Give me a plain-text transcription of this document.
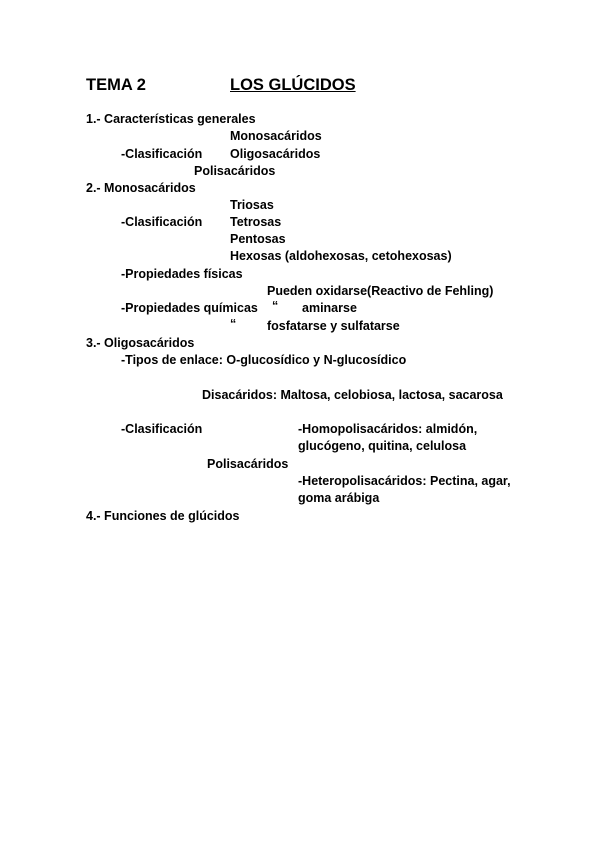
TEMA 2	LOS GLÚCIDOS
1.- Características generales
Monosacáridos
-Clasificación Oligosacáridos
Polisacáridos
2.- Monosacáridos
Triosas
-Clasificación Tetrosas
Pentosas
Hexosas (aldohexosas, cetohexosas)
-Propiedades físicas
Pueden oxidarse(Reactivo de Fehling)
-Propiedades químicas “ aminarse
“ fosfatarse y sulfatarse
3.- Oligosacáridos
-Tipos de enlace: O-glucosídico y N-glucosídico
Disacáridos: Maltosa, celobiosa, lactosa, sacarosa
-Clasificación	-Homopolisacáridos: almidón,
glucógeno, quitina, celulosa
Polisacáridos
-Heteropolisacáridos: Pectina, agar,
goma arábiga
4.- Funciones de glúcidos
